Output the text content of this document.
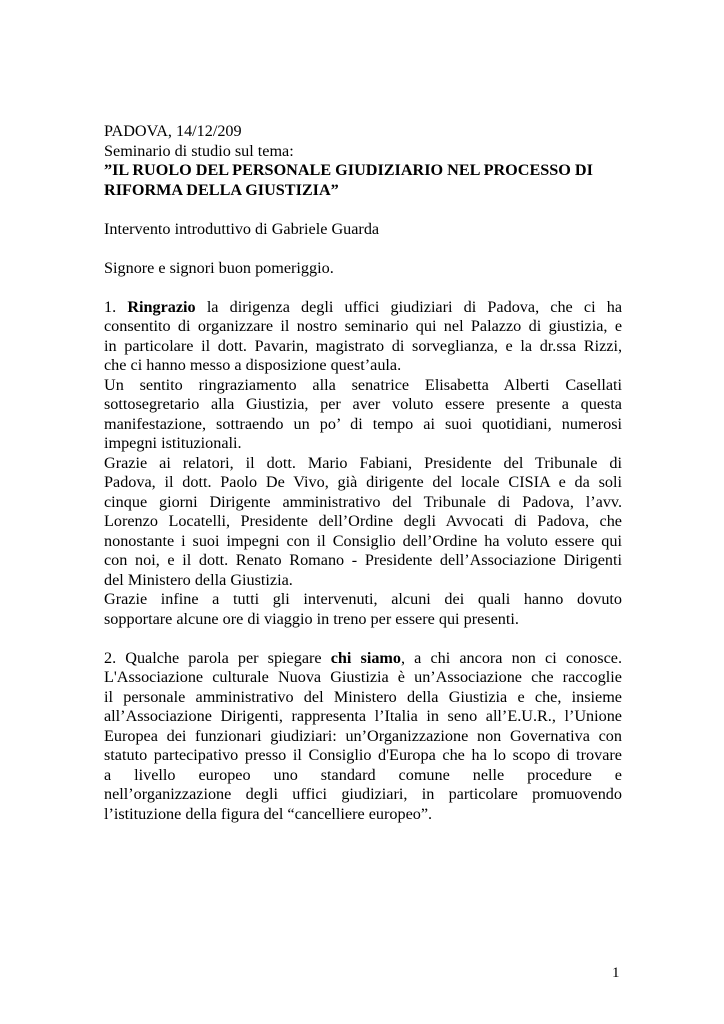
PADOVA, 14/12/209
Seminario di studio sul tema:
”IL RUOLO DEL PERSONALE GIUDIZIARIO NEL PROCESSO DI
RIFORMA DELLA GIUSTIZIA”
Intervento introduttivo di Gabriele Guarda
Signore e signori buon pomeriggio.
1. Ringrazio la dirigenza degli uffici giudiziari di Padova, che ci ha
consentito di organizzare il nostro seminario qui nel Palazzo di giustizia, e
in particolare il dott. Pavarin, magistrato di sorveglianza, e la dr.ssa Rizzi,
che ci hanno messo a disposizione quest’aula.
Un sentito ringraziamento alla senatrice Elisabetta Alberti Casellati
sottosegretario alla Giustizia, per aver voluto essere presente a questa
manifestazione, sottraendo un po’ di tempo ai suoi quotidiani, numerosi
impegni istituzionali.
Grazie ai relatori, il dott. Mario Fabiani, Presidente del Tribunale di
Padova, il dott. Paolo De Vivo, già dirigente del locale CISIA e da soli
cinque giorni Dirigente amministrativo del Tribunale di Padova, l’avv.
Lorenzo Locatelli, Presidente dell’Ordine degli Avvocati di Padova, che
nonostante i suoi impegni con il Consiglio dell’Ordine ha voluto essere qui
con noi, e il dott. Renato Romano - Presidente dell’Associazione Dirigenti
del Ministero della Giustizia.
Grazie infine a tutti gli intervenuti, alcuni dei quali hanno dovuto
sopportare alcune ore di viaggio in treno per essere qui presenti.
2. Qualche parola per spiegare chi siamo, a chi ancora non ci conosce.
L'Associazione culturale Nuova Giustizia è un’Associazione che raccoglie
il personale amministrativo del Ministero della Giustizia e che, insieme
all’Associazione Dirigenti, rappresenta l’Italia in seno all’E.U.R., l’Unione
Europea dei funzionari giudiziari: un’Organizzazione non Governativa con
statuto partecipativo presso il Consiglio d'Europa che ha lo scopo di trovare
a livello europeo uno standard comune nelle procedure e
nell’organizzazione degli uffici giudiziari, in particolare promuovendo
l’istituzione della figura del “cancelliere europeo”.
1
